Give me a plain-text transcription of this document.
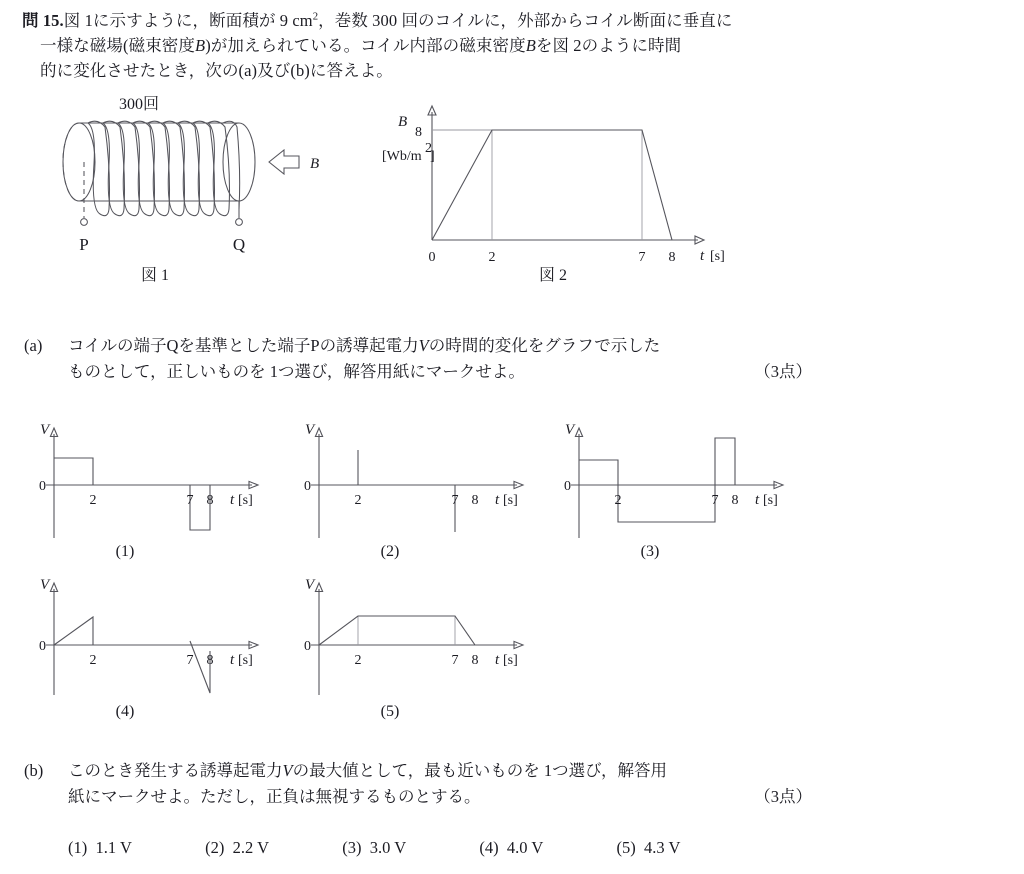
問 15.図 1に示すように，断面積が 9 $cm^2$，巻数 300 回のコイルに，外部からコイル断面に垂直に
一様な磁場(磁束密度B)が加えられている。コイル内部の磁束密度Bを図 2のように時間
的に変化させたとき，次の(a)及び(b)に答えよ。
B
300回
P	Q
図 1
B
8
[Wb/m
2
]
0	2	7 8 t [s]
図 2
(a) コイルの端子Qを基準とした端子Pの誘導起電力Vの時間的変化をグラフで示した
（3点）
ものとして，正しいものを 1つ選び，解答用紙にマークせよ。
V
0
2	7 8 t [s]
(1)
V
0
2	7 8 t [s]
(2)
V
0
2	7 8 t [s]
(3)
V
0
2	7 8 t [s]
(4)
V
0
2	7 8 t [s]
(5)
(b) このとき発生する誘導起電力Vの最大値として，最も近いものを 1つ選び，解答用
（3点）
紙にマークせよ。ただし，正負は無視するものとする。
(1) 1.1 V	(2) 2.2 V	(3) 3.0 V	(4) 4.0 V	(5) 4.3 V
